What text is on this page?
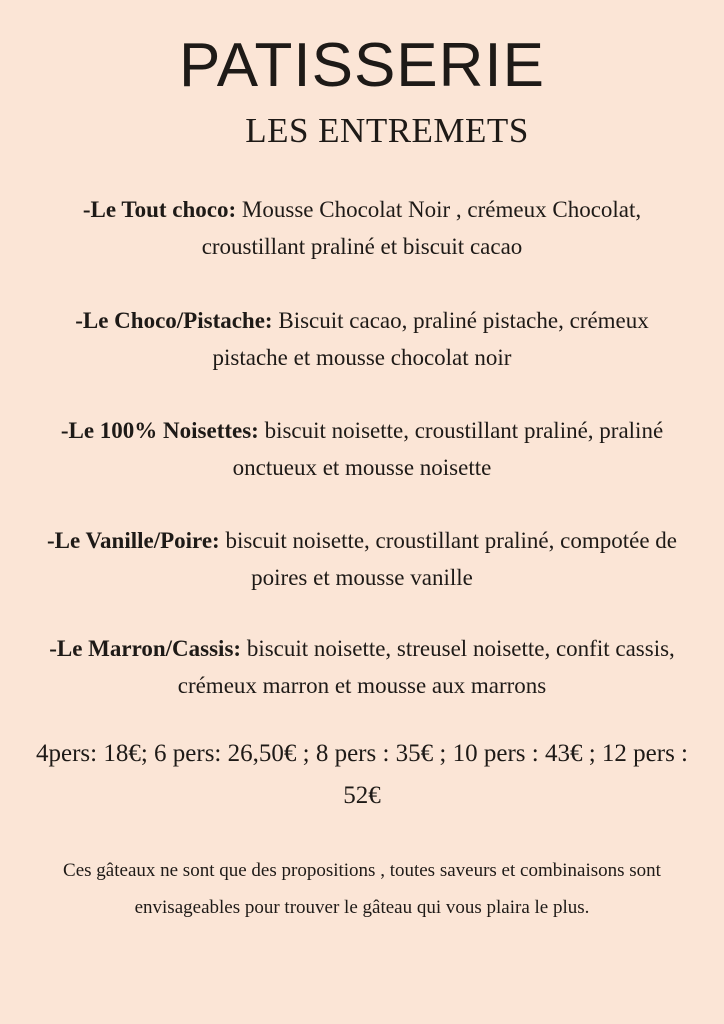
PATISSERIE
LES ENTREMETS

-Le Tout choco: Mousse Chocolat Noir , crémeux Chocolat, croustillant praliné et biscuit cacao

-Le Choco/Pistache: Biscuit cacao, praliné pistache, crémeux pistache et mousse chocolat noir

-Le 100% Noisettes: biscuit noisette, croustillant praliné, praliné onctueux et mousse noisette

-Le Vanille/Poire: biscuit noisette, croustillant praliné, compotée de poires et mousse vanille

-Le Marron/Cassis: biscuit noisette, streusel noisette, confit cassis, crémeux marron et mousse aux marrons

4pers: 18€; 6 pers: 26,50€ ; 8 pers : 35€ ; 10 pers : 43€ ; 12 pers : 52€

Ces gâteaux ne sont que des propositions , toutes saveurs et combinaisons sont envisageables pour trouver le gâteau qui vous plaira le plus.
